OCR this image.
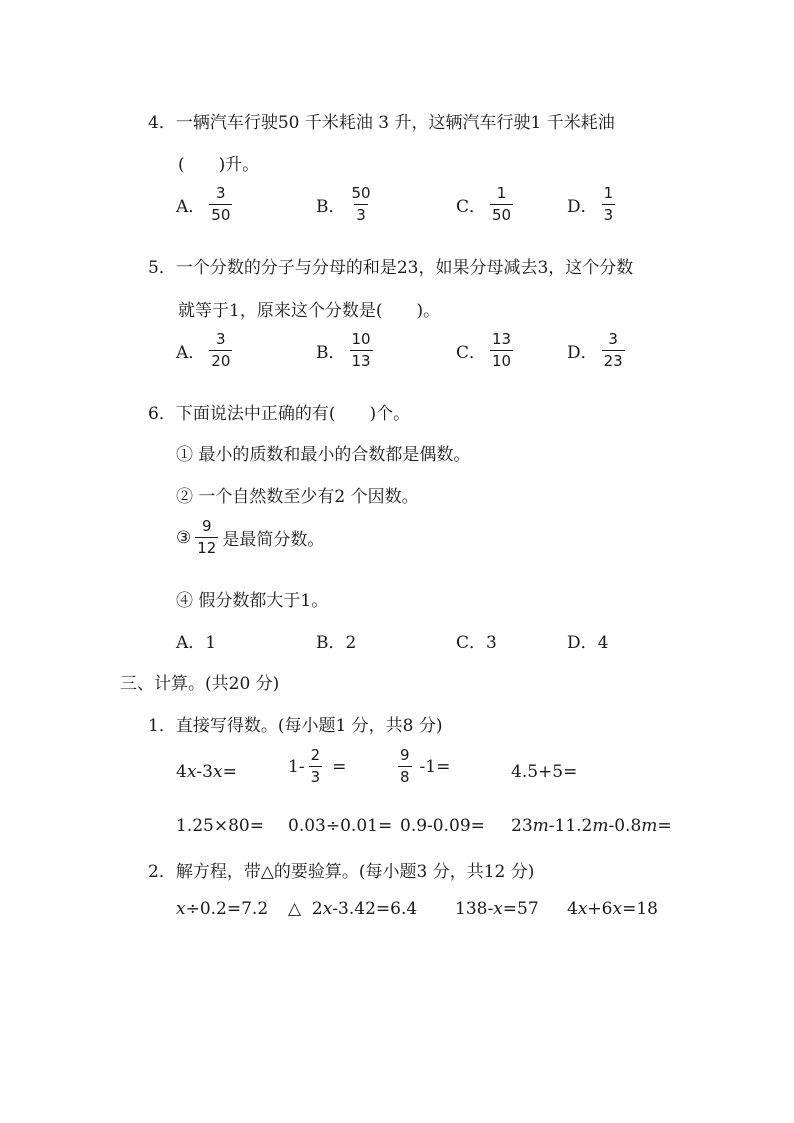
4．一辆汽车行驶50 千米耗油 3 升，这辆汽车行驶1 千米耗油
( )升。
A． $\frac{3}{50}$	B． $\frac{50}{3}$	C． $\frac{1}{50}$	D． $\frac{1}{3}$
5．一个分数的分子与分母的和是23，如果分母减去3，这个分数
就等于1，原来这个分数是( )。
A． $\frac{3}{20}$	B． $\frac{10}{13}$	C． $\frac{13}{10}$	D． $\frac{3}{23}$
6．下面说法中正确的有( )个。
① 最小的质数和最小的合数都是偶数。
② 一个自然数至少有2 个因数。
③ $\frac{9}{12}$ 是最简分数。
④ 假分数都大于1。
A．1	B．2	C．3	D．4
三、计算。(共20 分)
1．直接写得数。(每小题1 分，共8 分)
4x-3x=	$1- \frac{2}{3}$ =	$\frac{9}{8} -1=$	4.5+5=
1.25×80= 0.03÷0.01= 0.9-0.09= 23m-11.2m-0.8m=
2．解方程，带△的要验算。(每小题3 分，共12 分)
x÷0.2=7.2 △ 2x-3.42=6.4 138-x=57 4x+6x=18
